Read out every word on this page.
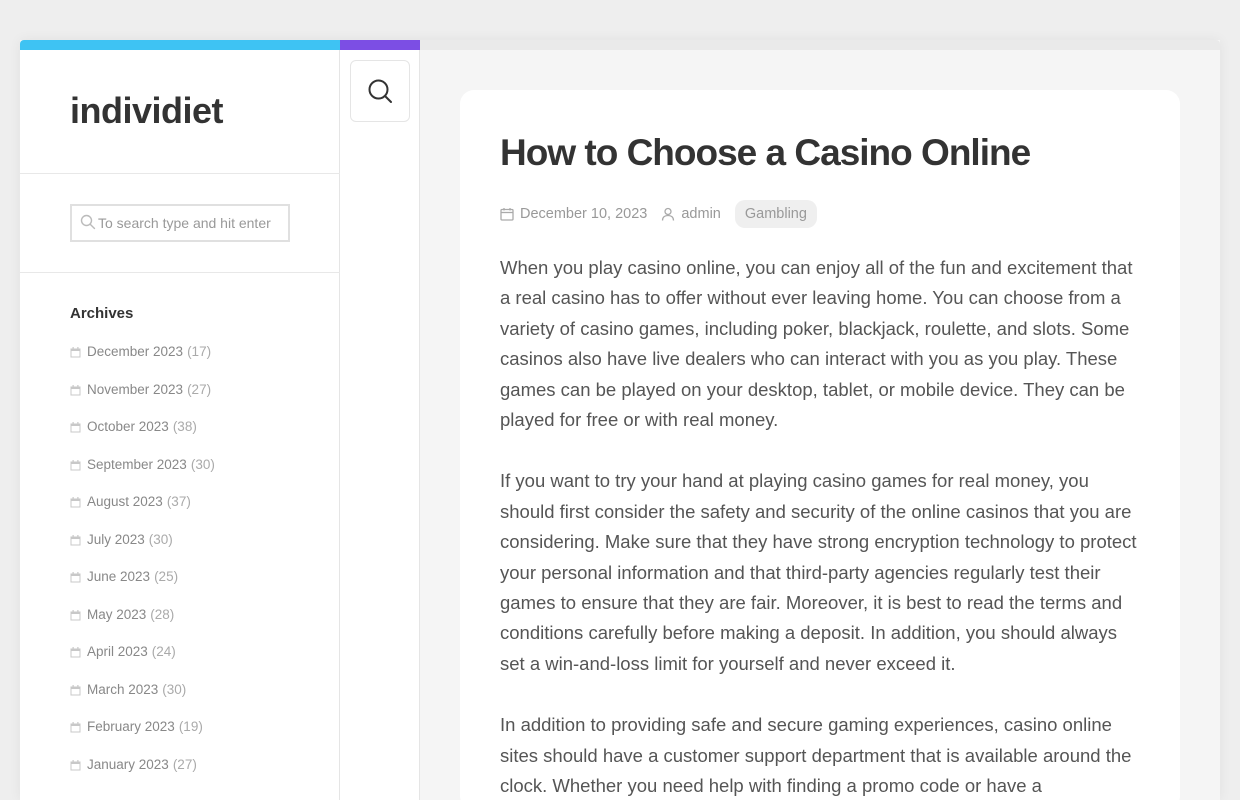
individiet
To search type and hit enter
Archives
December 2023 (17)
November 2023 (27)
October 2023 (38)
September 2023 (30)
August 2023 (37)
July 2023 (30)
June 2023 (25)
May 2023 (28)
April 2023 (24)
March 2023 (30)
February 2023 (19)
January 2023 (27)
How to Choose a Casino Online
December 10, 2023 admin	Gambling

When you play casino online, you can enjoy all of the fun and excitement that a real casino has to offer without ever leaving home. You can choose from a variety of casino games, including poker, blackjack, roulette, and slots. Some casinos also have live dealers who can interact with you as you play. These games can be played on your desktop, tablet, or mobile device. They can be played for free or with real money.

If you want to try your hand at playing casino games for real money, you should first consider the safety and security of the online casinos that you are considering. Make sure that they have strong encryption technology to protect your personal information and that third-party agencies regularly test their games to ensure that they are fair. Moreover, it is best to read the terms and conditions carefully before making a deposit. In addition, you should always set a win-and-loss limit for yourself and never exceed it.

In addition to providing safe and secure gaming experiences, casino online sites should have a customer support department that is available around the clock. Whether you need help with finding a promo code or have a
